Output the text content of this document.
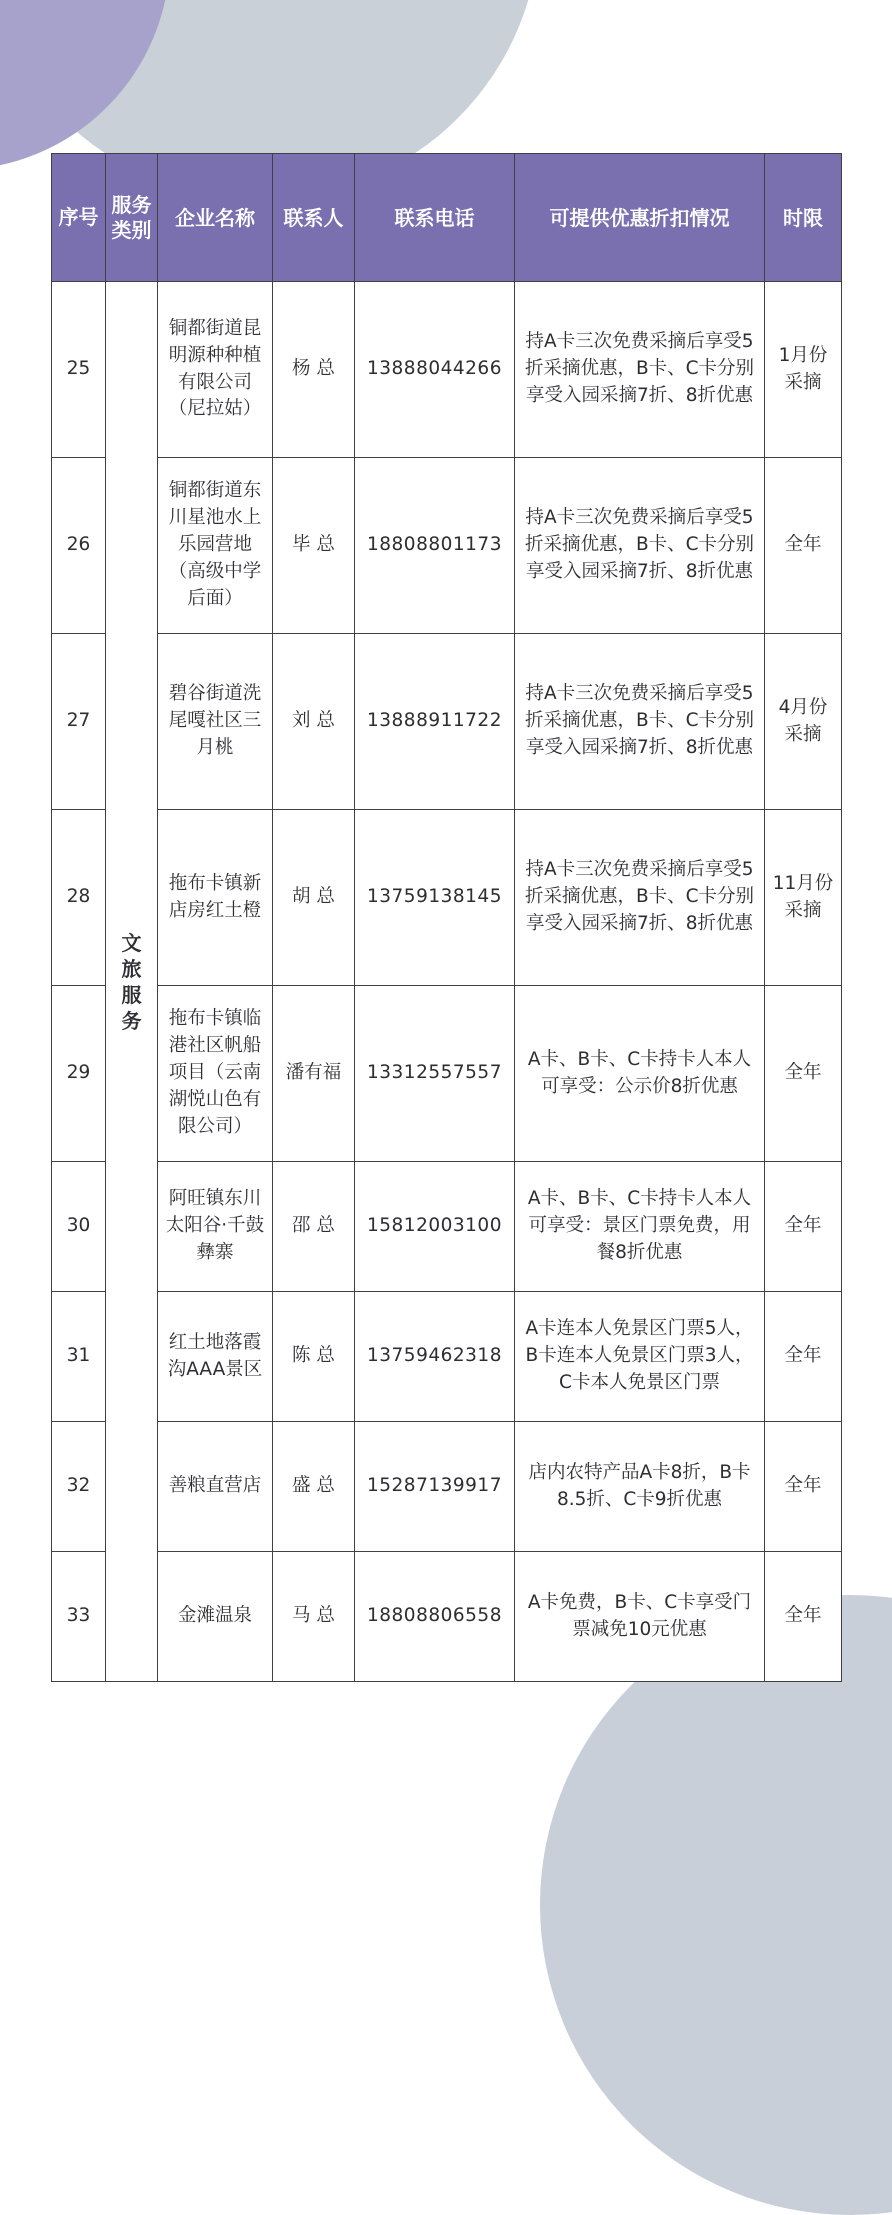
序号	服务类别	企业名称	联系人	联系电话	可提供优惠折扣情况	时限
25	文旅服务	铜都街道昆明源种种植有限公司（尼拉姑）	杨 总	13888044266	持A卡三次免费采摘后享受5折采摘优惠，B卡、C卡分别享受入园采摘7折、8折优惠	1月份采摘
26		铜都街道东川星池水上乐园营地（高级中学后面）	毕 总	18808801173	持A卡三次免费采摘后享受5折采摘优惠，B卡、C卡分别享受入园采摘7折、8折优惠	全年
27		碧谷街道洗尾嘎社区三月桃	刘 总	13888911722	持A卡三次免费采摘后享受5折采摘优惠，B卡、C卡分别享受入园采摘7折、8折优惠	4月份采摘
28		拖布卡镇新店房红土橙	胡 总	13759138145	持A卡三次免费采摘后享受5折采摘优惠，B卡、C卡分别享受入园采摘7折、8折优惠	11月份采摘
29		拖布卡镇临港社区帆船项目（云南湖悦山色有限公司）	潘有福	13312557557	A卡、B卡、C卡持卡人本人可享受：公示价8折优惠	全年
30		阿旺镇东川太阳谷·千鼓彝寨	邵 总	15812003100	A卡、B卡、C卡持卡人本人可享受：景区门票免费，用餐8折优惠	全年
31		红土地落霞沟AAA景区	陈 总	13759462318	A卡连本人免景区门票5人，B卡连本人免景区门票3人，C卡本人免景区门票	全年
32		善粮直营店	盛 总	15287139917	店内农特产品A卡8折，B卡8.5折、C卡9折优惠	全年
33		金滩温泉	马 总	18808806558	A卡免费，B卡、C卡享受门票减免10元优惠	全年
